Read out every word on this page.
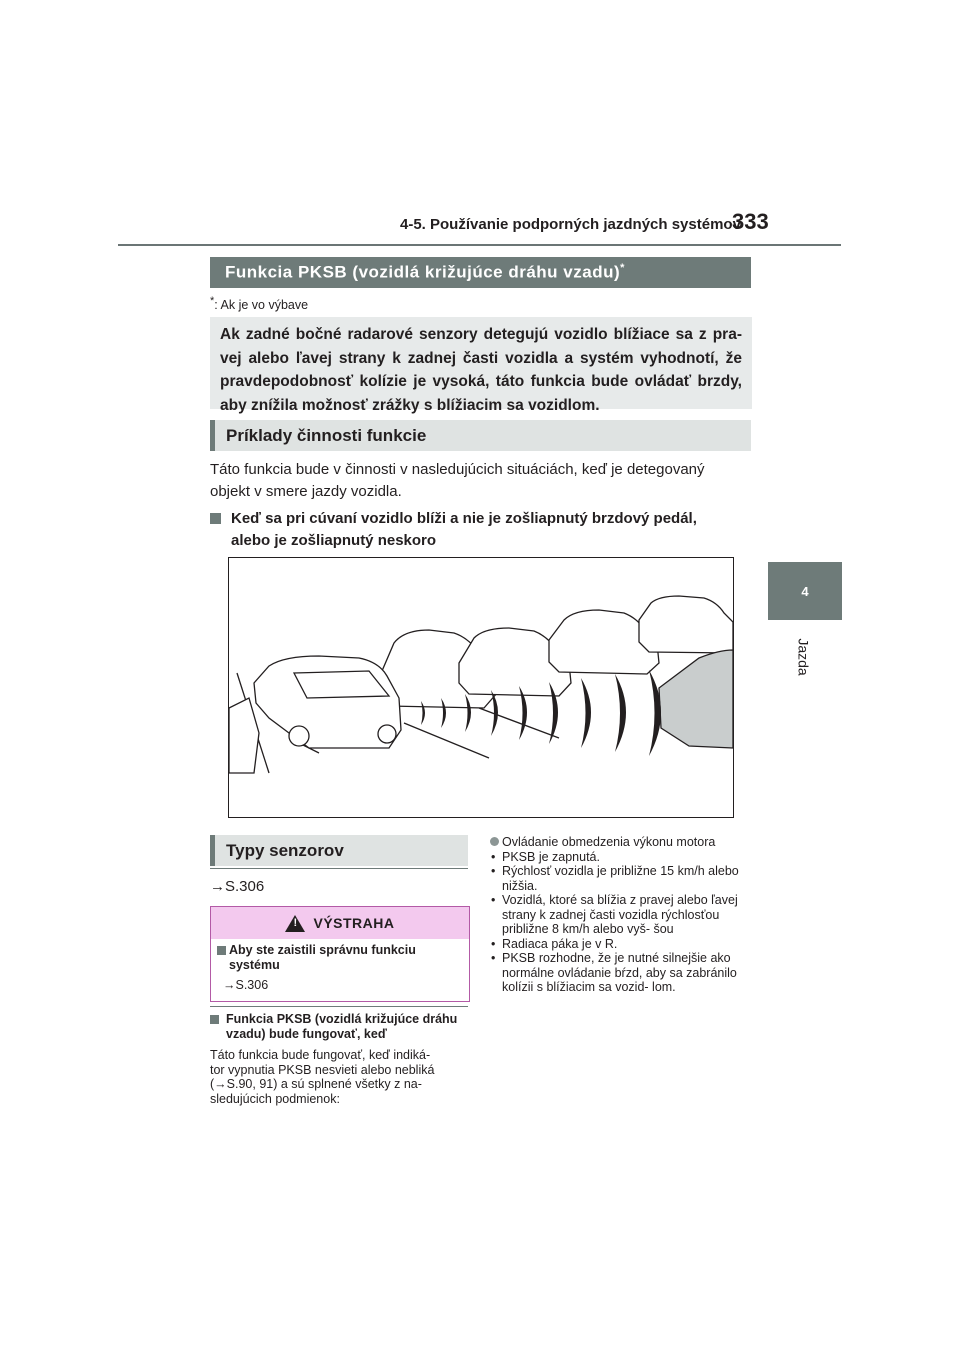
4-5. Používanie podporných jazdných systémov
333
4
Jazda
Funkcia PKSB (vozidlá križujúce dráhu vzadu)*
*: Ak je vo výbave
Ak zadné bočné radarové senzory detegujú vozidlo blížiace sa z pra- vej alebo ľavej strany k zadnej časti vozidla a systém vyhodnotí, že pravdepodobnosť kolízie je vysoká, táto funkcia bude ovládať brzdy, aby znížila možnosť zrážky s blížiacim sa vozidlom.
Príklady činnosti funkcie
Táto funkcia bude v činnosti v nasledujúcich situáciách, keď je detegovaný
objekt v smere jazdy vozidla.
Keď sa pri cúvaní vozidlo blíži a nie je zošliapnutý brzdový pedál,
alebo je zošliapnutý neskoro
Typy senzorov
→S.306
!
VÝSTRAHA
Aby ste zaistili správnu funkciu systému
→S.306
Funkcia PKSB (vozidlá križujúce dráhu vzadu) bude fungovať, keď
Táto funkcia bude fungovať, keď indiká-
tor vypnutia PKSB nesvieti alebo nebliká
(→S.90, 91) a sú splnené všetky z na-
sledujúcich podmienok:
Ovládanie obmedzenia výkonu motora
• PKSB je zapnutá.
• Rýchlosť vozidla je približne 15 km/h alebo nižšia.
• Vozidlá, ktoré sa blížia z pravej alebo ľavej strany k zadnej časti vozidla rýchlosťou približne 8 km/h alebo vyš- šou
• Radiaca páka je v R.
• PKSB rozhodne, že je nutné silnejšie ako normálne ovládanie bŕzd, aby sa zabránilo kolízii s blížiacim sa vozid- lom.
